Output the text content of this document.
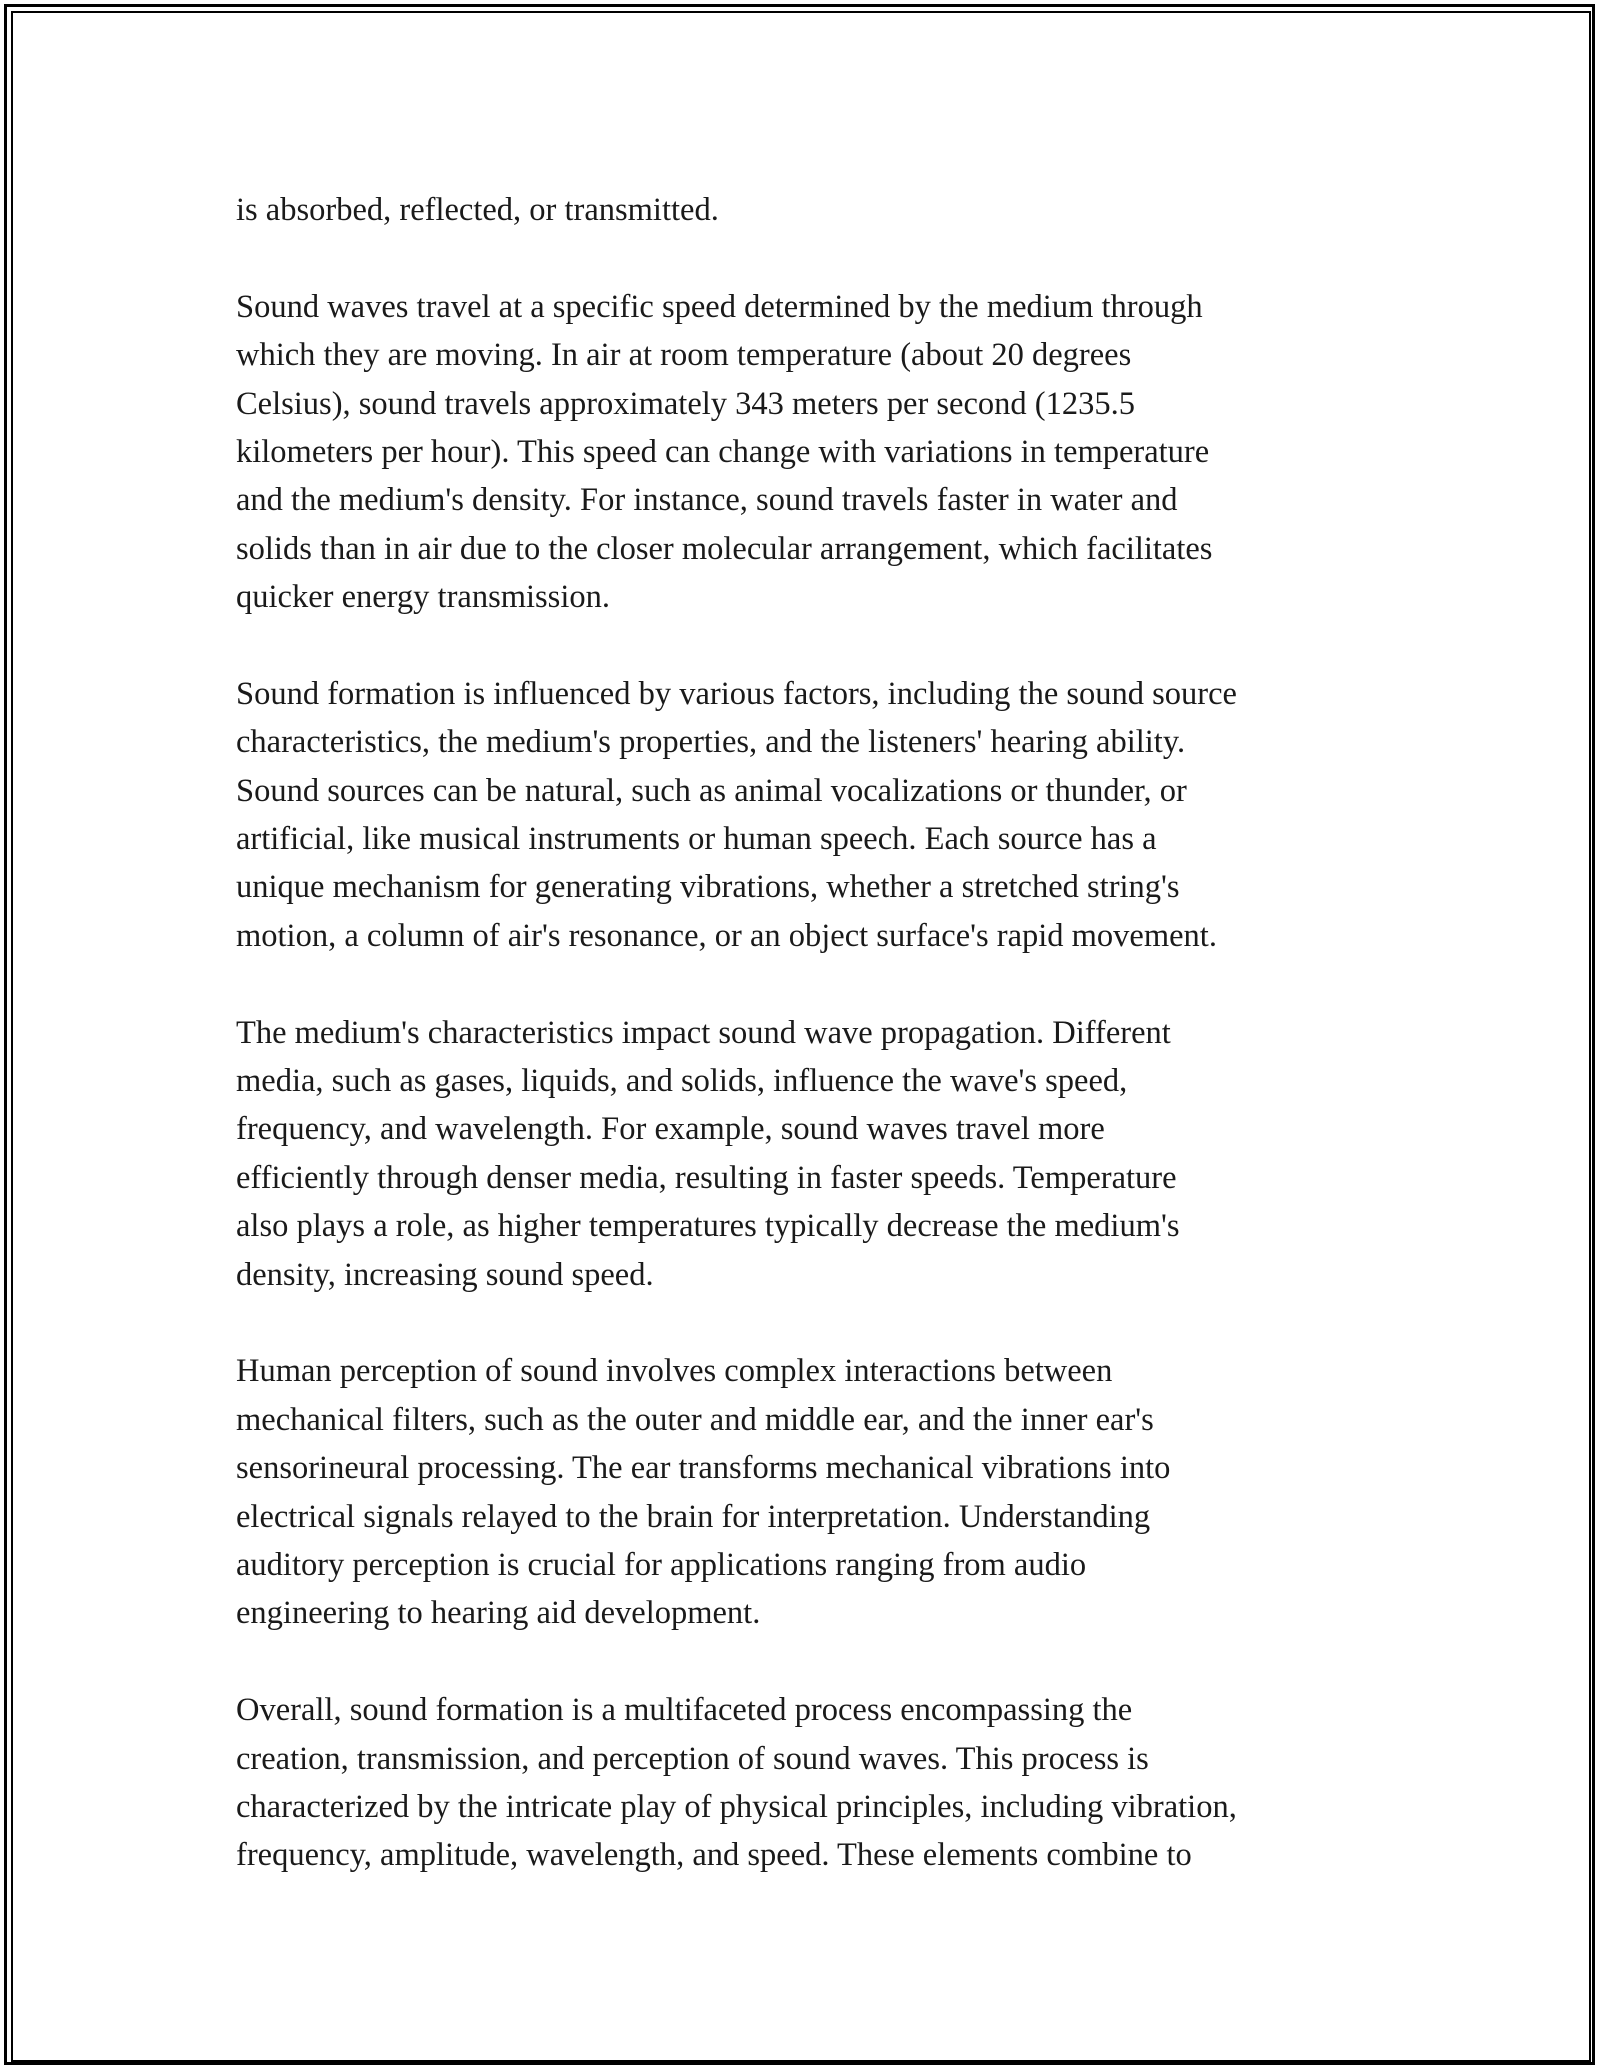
is absorbed, reflected, or transmitted.
Sound waves travel at a specific speed determined by the medium through
which they are moving. In air at room temperature (about 20 degrees
Celsius), sound travels approximately 343 meters per second (1235.5
kilometers per hour). This speed can change with variations in temperature
and the medium's density. For instance, sound travels faster in water and
solids than in air due to the closer molecular arrangement, which facilitates
quicker energy transmission.
Sound formation is influenced by various factors, including the sound source
characteristics, the medium's properties, and the listeners' hearing ability.
Sound sources can be natural, such as animal vocalizations or thunder, or
artificial, like musical instruments or human speech. Each source has a
unique mechanism for generating vibrations, whether a stretched string's
motion, a column of air's resonance, or an object surface's rapid movement.
The medium's characteristics impact sound wave propagation. Different
media, such as gases, liquids, and solids, influence the wave's speed,
frequency, and wavelength. For example, sound waves travel more
efficiently through denser media, resulting in faster speeds. Temperature
also plays a role, as higher temperatures typically decrease the medium's
density, increasing sound speed.
Human perception of sound involves complex interactions between
mechanical filters, such as the outer and middle ear, and the inner ear's
sensorineural processing. The ear transforms mechanical vibrations into
electrical signals relayed to the brain for interpretation. Understanding
auditory perception is crucial for applications ranging from audio
engineering to hearing aid development.
Overall, sound formation is a multifaceted process encompassing the
creation, transmission, and perception of sound waves. This process is
characterized by the intricate play of physical principles, including vibration,
frequency, amplitude, wavelength, and speed. These elements combine to
